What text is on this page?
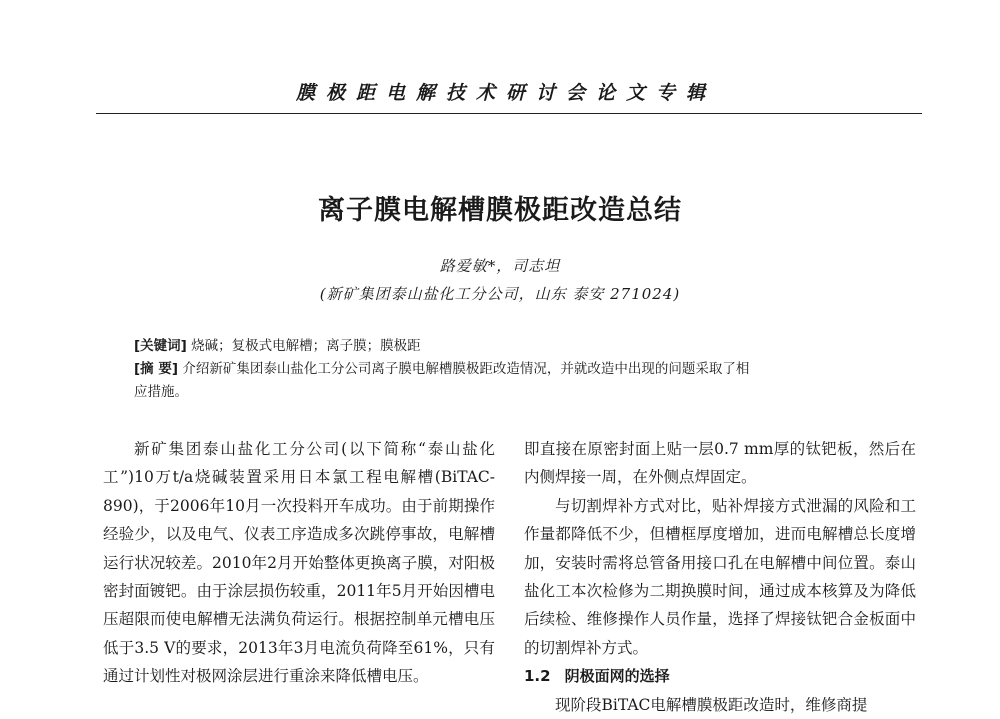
膜极距电解技术研讨会论文专辑
离子膜电解槽膜极距改造总结
路爱敏*，司志坦
(新矿集团泰山盐化工分公司，山东 泰安 271024)
[关键词] 烧碱；复极式电解槽；离子膜；膜极距
[摘 要] 介绍新矿集团泰山盐化工分公司离子膜电解槽膜极距改造情况，并就改造中出现的问题采取了相
应措施。

新矿集团泰山盐化工分公司(以下简称“泰山盐化工”)10万t/a烧碱装置采用日本氯工程电解槽(BiTAC-890)，于2006年10月一次投料开车成功。由于前期操作经验少，以及电气、仪表工序造成多次跳停事故，电解槽运行状况较差。2010年2月开始整体更换离子膜，对阳极密封面镀钯。由于涂层损伤较重，2011年5月开始因槽电压超限而使电解槽无法满负荷运行。根据控制单元槽电压低于3.5 V的要求，2013年3月电流负荷降至61%，只有通过计划性对极网涂层进行重涂来降低槽电压。

即直接在原密封面上贴一层0.7 mm厚的钛钯板，然后在内侧焊接一周，在外侧点焊固定。

与切割焊补方式对比，贴补焊接方式泄漏的风险和工作量都降低不少，但槽框厚度增加，进而电解槽总长度增加，安装时需将总管备用接口孔在电解槽中间位置。泰山盐化工本次检修为二期换膜时间，通过成本核算及为降低后续检、维修操作人员作量，选择了焊接钛钯合金板面中的切割焊补方式。

1.2 阴极面网的选择

现阶段BiTAC电解槽膜极距改造时，维修商提
